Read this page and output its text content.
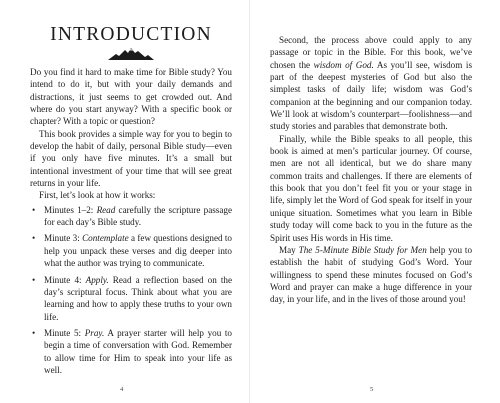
INTRODUCTION

Do you find it hard to make time for Bible study? You intend to do it, but with your daily demands and distractions, it just seems to get crowded out. And where do you start anyway? With a specific book or chapter? With a topic or question?

This book provides a simple way for you to begin to develop the habit of daily, personal Bible study—even if you only have five minutes. It’s a small but intentional investment of your time that will see great returns in your life.

First, let’s look at how it works:

• Minutes 1–2: Read carefully the scripture passage for each day’s Bible study.
• Minute 3: Contemplate a few questions designed to help you unpack these verses and dig deeper into what the author was trying to communicate.
• Minute 4: Apply. Read a reflection based on the day’s scriptural focus. Think about what you are learning and how to apply these truths to your own life.
• Minute 5: Pray. A prayer starter will help you to begin a time of conversation with God. Remember to allow time for Him to speak into your life as well.
4

Second, the process above could apply to any passage or topic in the Bible. For this book, we’ve chosen the wisdom of God. As you’ll see, wisdom is part of the deepest mysteries of God but also the simplest tasks of daily life; wisdom was God’s companion at the beginning and our companion today. We’ll look at wisdom’s counterpart—foolishness—and study stories and parables that demonstrate both.

Finally, while the Bible speaks to all people, this book is aimed at men’s particular journey. Of course, men are not all identical, but we do share many common traits and challenges. If there are elements of this book that you don’t feel fit you or your stage in life, simply let the Word of God speak for itself in your unique situation. Sometimes what you learn in Bible study today will come back to you in the future as the Spirit uses His words in His time.

May The 5-Minute Bible Study for Men help you to establish the habit of studying God’s Word. Your willingness to spend these minutes focused on God’s Word and prayer can make a huge difference in your day, in your life, and in the lives of those around you!

5
